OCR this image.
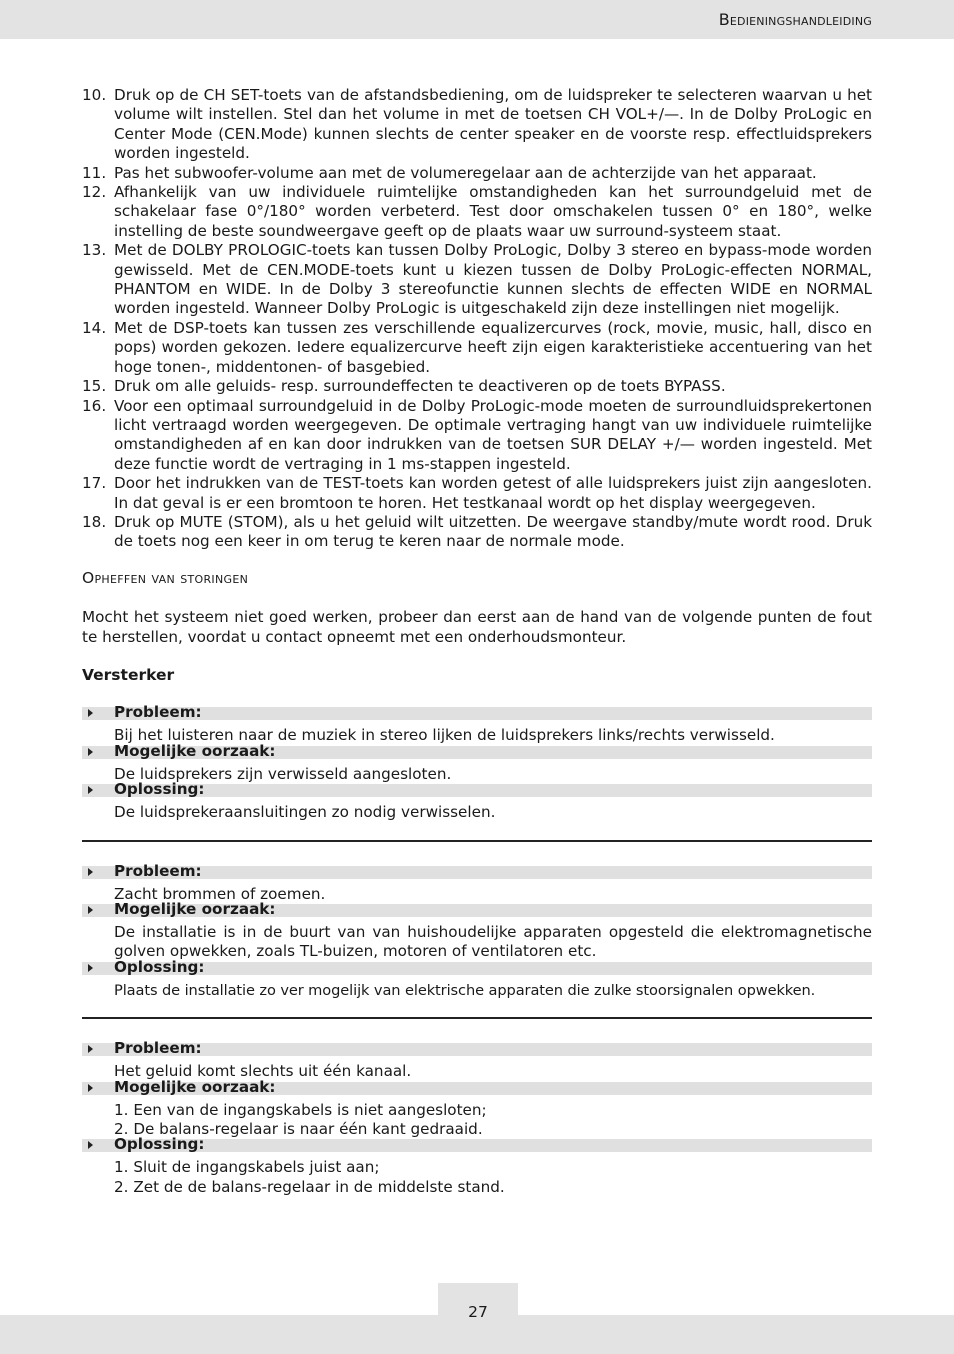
Bedieningshandleiding
10. Druk op de CH SET-toets van de afstandsbediening, om de luidspreker te selecteren waarvan u het volume wilt instellen. Stel dan het volume in met de toetsen CH VOL+/—. In de Dolby ProLogic en Center Mode (CEN.Mode) kunnen slechts de center speaker en de voorste resp. effectluidsprekers worden ingesteld.
11. Pas het subwoofer-volume aan met de volumeregelaar aan de achterzijde van het apparaat.
12. Afhankelijk van uw individuele ruimtelijke omstandigheden kan het surroundgeluid met de schakelaar fase 0°/180° worden verbeterd. Test door omschakelen tussen 0° en 180°, welke instelling de beste soundweergave geeft op de plaats waar uw surround-systeem staat.
13. Met de DOLBY PROLOGIC-toets kan tussen Dolby ProLogic, Dolby 3 stereo en bypass-mode worden gewisseld. Met de CEN.MODE-toets kunt u kiezen tussen de Dolby ProLogic-effecten NORMAL, PHANTOM en WIDE. In de Dolby 3 stereofunctie kunnen slechts de effecten WIDE en NORMAL worden ingesteld. Wanneer Dolby ProLogic is uitgeschakeld zijn deze instellingen niet mogelijk.
14. Met de DSP-toets kan tussen zes verschillende equalizercurves (rock, movie, music, hall, disco en pops) worden gekozen. Iedere equalizercurve heeft zijn eigen karakteristieke accentuering van het hoge tonen-, middentonen- of basgebied.
15. Druk om alle geluids- resp. surroundeffecten te deactiveren op de toets BYPASS.
16. Voor een optimaal surroundgeluid in de Dolby ProLogic-mode moeten de surroundluidsprekertonen licht vertraagd worden weergegeven. De optimale vertraging hangt van uw individuele ruimtelijke omstandigheden af en kan door indrukken van de toetsen SUR DELAY +/— worden ingesteld. Met deze functie wordt de vertraging in 1 ms-stappen ingesteld.
17. Door het indrukken van de TEST-toets kan worden getest of alle luidsprekers juist zijn aangesloten. In dat geval is er een bromtoon te horen. Het testkanaal wordt op het display weergegeven.
18. Druk op MUTE (STOM), als u het geluid wilt uitzetten. De weergave standby/mute wordt rood. Druk de toets nog een keer in om terug te keren naar de normale mode.
Opheffen van storingen
Mocht het systeem niet goed werken, probeer dan eerst aan de hand van de volgende punten de fout te herstellen, voordat u contact opneemt met een onderhoudsmonteur.
Versterker
Probleem:
Bij het luisteren naar de muziek in stereo lijken de luidsprekers links/rechts verwisseld.
Mogelijke oorzaak:
De luidsprekers zijn verwisseld aangesloten.
Oplossing:
De luidsprekeraansluitingen zo nodig verwisselen.
Probleem:
Zacht brommen of zoemen.
Mogelijke oorzaak:
De installatie is in de buurt van van huishoudelijke apparaten opgesteld die elektromagnetische golven opwekken, zoals TL-buizen, motoren of ventilatoren etc.
Oplossing:
Plaats de installatie zo ver mogelijk van elektrische apparaten die zulke stoorsignalen opwekken.
Probleem:
Het geluid komt slechts uit één kanaal.
Mogelijke oorzaak:
1. Een van de ingangskabels is niet aangesloten;
2. De balans-regelaar is naar één kant gedraaid.
Oplossing:
1. Sluit de ingangskabels juist aan;
2. Zet de de balans-regelaar in de middelste stand.
27
